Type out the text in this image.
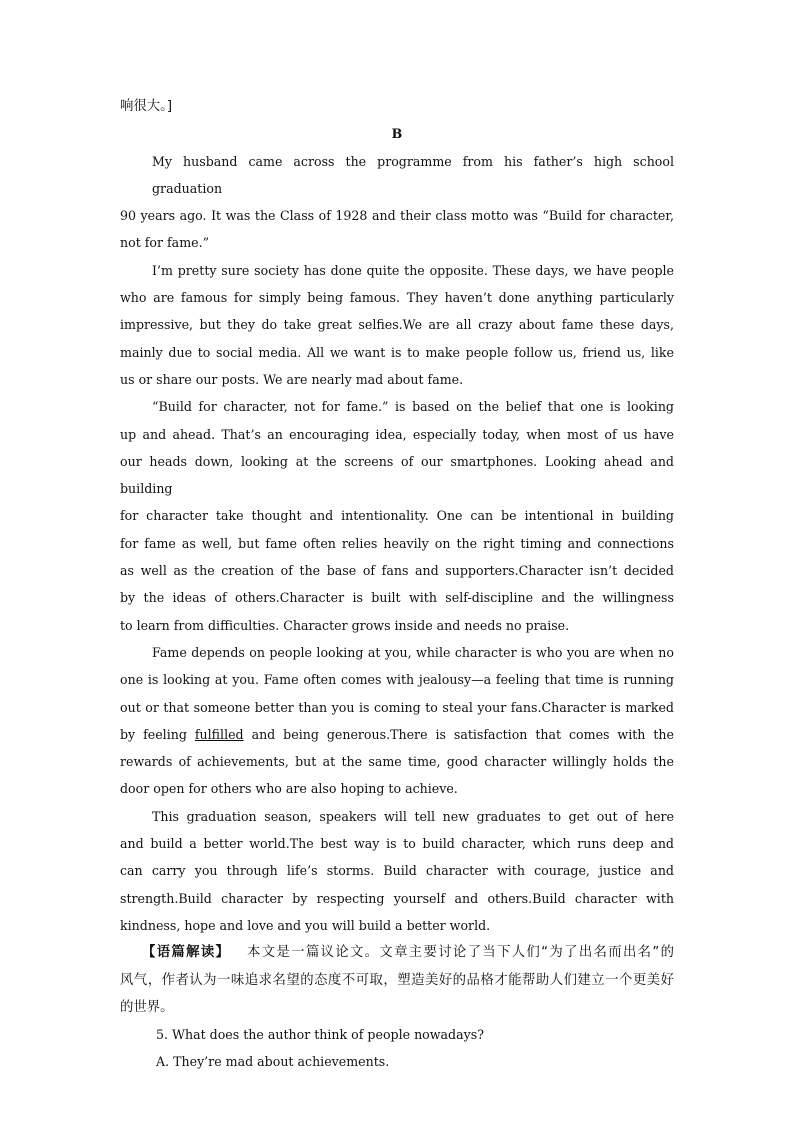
响很大。]

B

My husband came across the programme from his father’s high school graduation

90 years ago. It was the Class of 1928 and their class motto was “Build for character,

not for fame.”

I’m pretty sure society has done quite the opposite. These days, we have people

who are famous for simply being famous. They haven’t done anything particularly

impressive, but they do take great selfies.We are all crazy about fame these days,

mainly due to social media. All we want is to make people follow us, friend us, like

us or share our posts. We are nearly mad about fame.

“Build for character, not for fame.” is based on the belief that one is looking

up and ahead. That’s an encouraging idea, especially today, when most of us have

our heads down, looking at the screens of our smartphones. Looking ahead and building

for character take thought and intentionality. One can be intentional in building

for fame as well, but fame often relies heavily on the right timing and connections

as well as the creation of the base of fans and supporters.Character isn’t decided

by the ideas of others.Character is built with self-discipline and the willingness

to learn from difficulties. Character grows inside and needs no praise.

Fame depends on people looking at you, while character is who you are when no

one is looking at you. Fame often comes with jealousy—a feeling that time is running

out or that someone better than you is coming to steal your fans.Character is marked

by feeling fulfilled and being generous.There is satisfaction that comes with the

rewards of achievements, but at the same time, good character willingly holds the

door open for others who are also hoping to achieve.

This graduation season, speakers will tell new graduates to get out of here

and build a better world.The best way is to build character, which runs deep and

can carry you through life’s storms. Build character with courage, justice and

strength.Build character by respecting yourself and others.Build character with

kindness, hope and love and you will build a better world.

【语篇解读】 本文是一篇议论文。文章主要讨论了当下人们“为了出名而出名”的

风气，作者认为一味追求名望的态度不可取，塑造美好的品格才能帮助人们建立一个更美好

的世界。

5. What does the author think of people nowadays?

A. They’re mad about achievements.
